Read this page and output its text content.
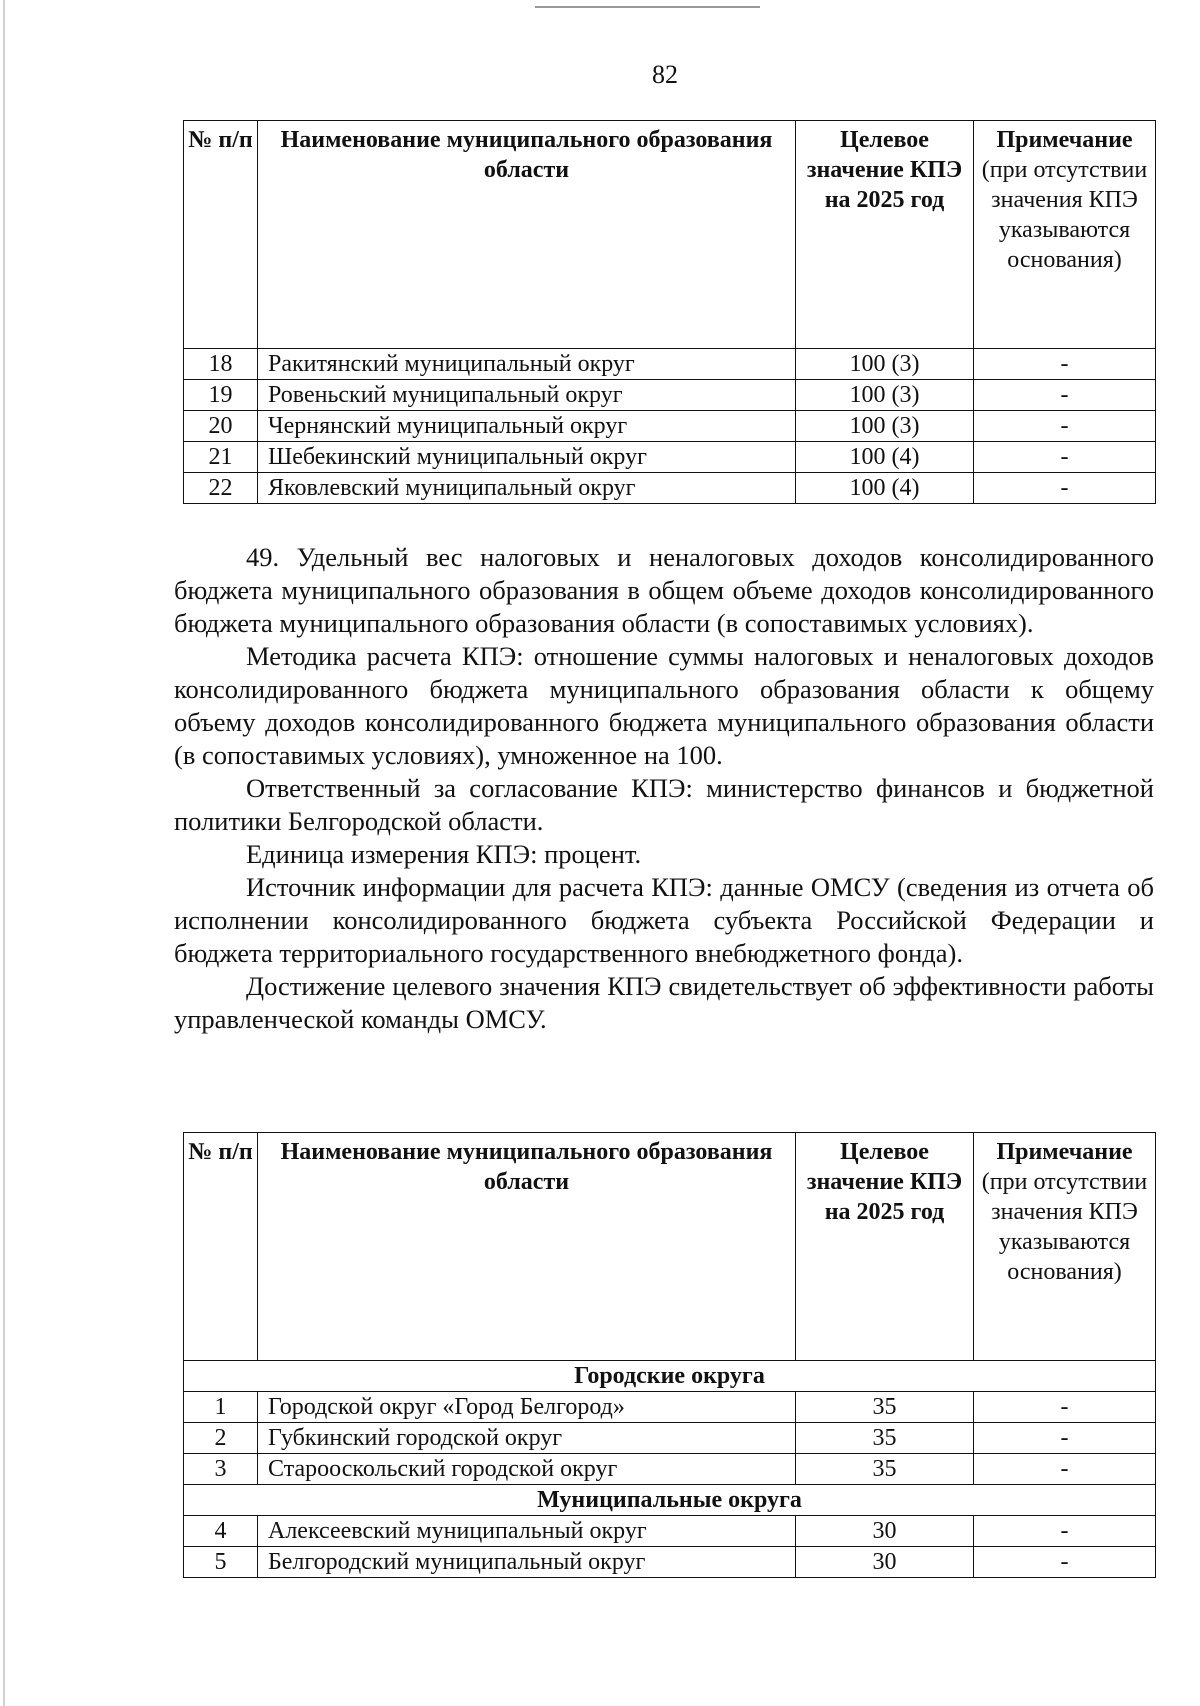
82
№ п/п	Наименование муниципального образования области	Целевое значение КПЭ на 2025 год	Примечание
(при отсутствии значения КПЭ указываются основания)
18	Ракитянский муниципальный округ	100 (3)	-
19	Ровеньский муниципальный округ	100 (3)	-
20	Чернянский муниципальный округ	100 (3)	-
21	Шебекинский муниципальный округ	100 (4)	-
22	Яковлевский муниципальный округ	100 (4)	-

49. Удельный вес налоговых и неналоговых доходов консолидированного бюджета муниципального образования в общем объеме доходов консолидированного бюджета муниципального образования области (в сопоставимых условиях).

Методика расчета КПЭ: отношение суммы налоговых и неналоговых доходов консолидированного бюджета муниципального образования области к общему объему доходов консолидированного бюджета муниципального образования области (в сопоставимых условиях), умноженное на 100.

Ответственный за согласование КПЭ: министерство финансов и бюджетной политики Белгородской области.

Единица измерения КПЭ: процент.

Источник информации для расчета КПЭ: данные ОМСУ (сведения из отчета об исполнении консолидированного бюджета субъекта Российской Федерации и бюджета территориального государственного внебюджетного фонда).

Достижение целевого значения КПЭ свидетельствует об эффективности работы управленческой команды ОМСУ.

№ п/п	Наименование муниципального образования области	Целевое значение КПЭ на 2025 год	Примечание
(при отсутствии значения КПЭ указываются основания)
Городские округа			
1	Городской округ «Город Белгород»	35	-
2	Губкинский городской округ	35	-
3	Старооскольский городской округ	35	-
Муниципальные округа			
4	Алексеевский муниципальный округ	30	-
5	Белгородский муниципальный округ	30	-
